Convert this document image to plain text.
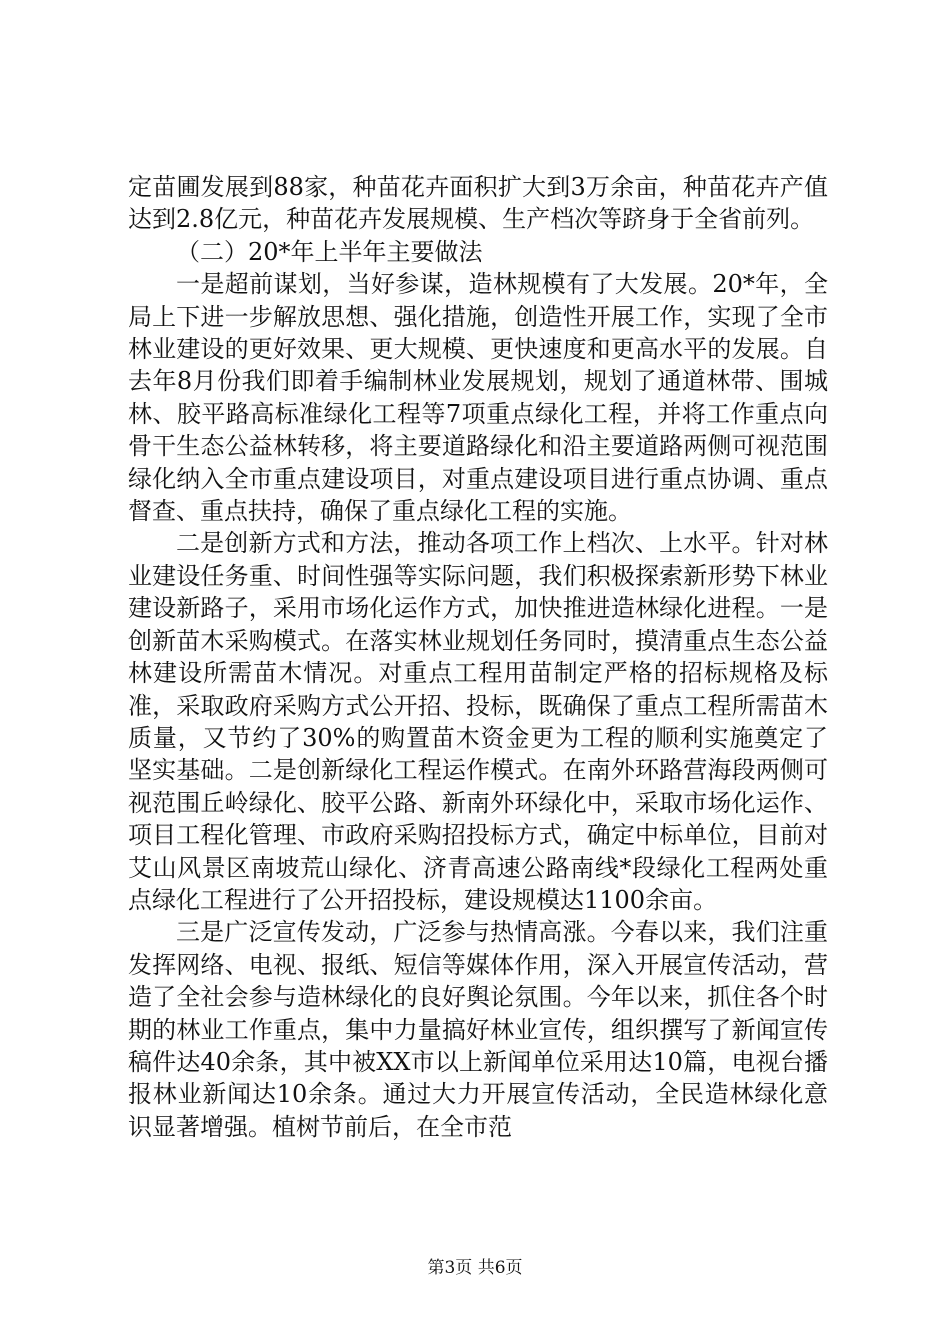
定苗圃发展到88家，种苗花卉面积扩大到3万余亩，种苗花卉产值达到2.8亿元，种苗花卉发展规模、生产档次等跻身于全省前列。

（二）20*年上半年主要做法

一是超前谋划，当好参谋，造林规模有了大发展。20*年，全局上下进一步解放思想、强化措施，创造性开展工作，实现了全市林业建设的更好效果、更大规模、更快速度和更高水平的发展。自去年8月份我们即着手编制林业发展规划，规划了通道林带、围城林、胶平路高标准绿化工程等7项重点绿化工程，并将工作重点向骨干生态公益林转移，将主要道路绿化和沿主要道路两侧可视范围绿化纳入全市重点建设项目，对重点建设项目进行重点协调、重点督查、重点扶持，确保了重点绿化工程的实施。

二是创新方式和方法，推动各项工作上档次、上水平。针对林业建设任务重、时间性强等实际问题，我们积极探索新形势下林业建设新路子，采用市场化运作方式，加快推进造林绿化进程。一是创新苗木采购模式。在落实林业规划任务同时，摸清重点生态公益林建设所需苗木情况。对重点工程用苗制定严格的招标规格及标准，采取政府采购方式公开招、投标，既确保了重点工程所需苗木质量，又节约了30%的购置苗木资金更为工程的顺利实施奠定了坚实基础。二是创新绿化工程运作模式。在南外环路营海段两侧可视范围丘岭绿化、胶平公路、新南外环绿化中，采取市场化运作、项目工程化管理、市政府采购招投标方式，确定中标单位，目前对艾山风景区南坡荒山绿化、济青高速公路南线*段绿化工程两处重点绿化工程进行了公开招投标，建设规模达1100余亩。

三是广泛宣传发动，广泛参与热情高涨。今春以来，我们注重发挥网络、电视、报纸、短信等媒体作用，深入开展宣传活动，营造了全社会参与造林绿化的良好舆论氛围。今年以来，抓住各个时期的林业工作重点，集中力量搞好林业宣传，组织撰写了新闻宣传稿件达40余条，其中被XX市以上新闻单位采用达10篇，电视台播报林业新闻达10余条。通过大力开展宣传活动，全民造林绿化意识显著增强。植树节前后，在全市范

第3页 共6页
